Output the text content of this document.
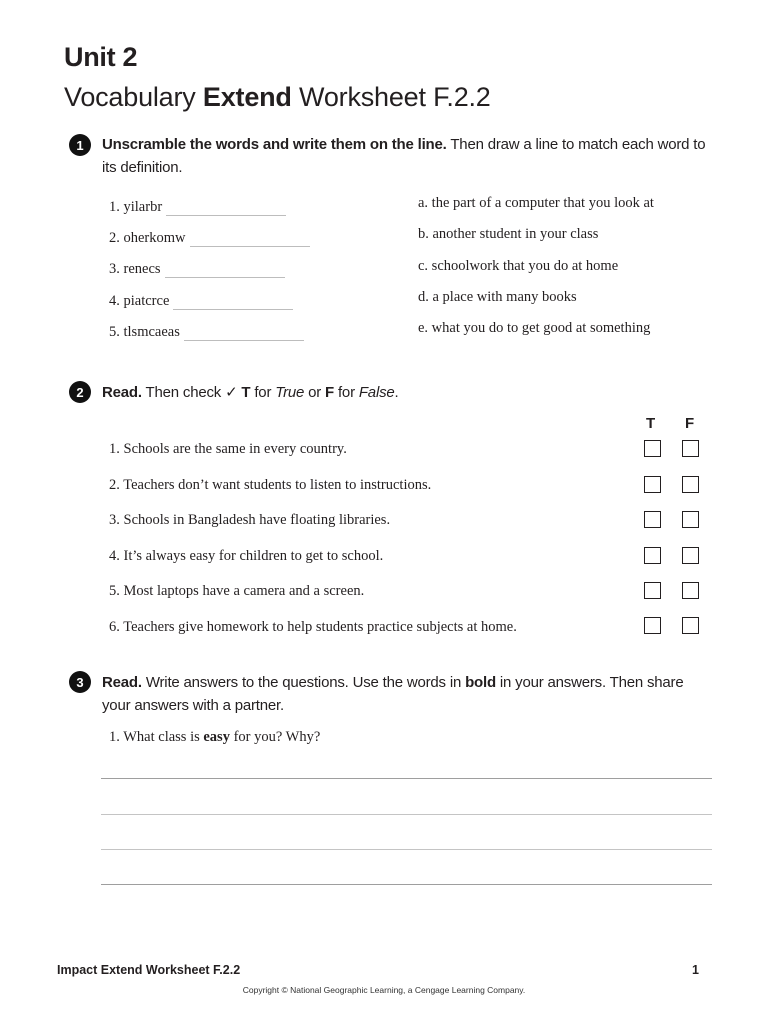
Unit 2
Vocabulary Extend Worksheet F.2.2
1	Unscramble the words and write them on the line. Then draw a line to match each word to its definition.
1. yilarbr
2. oherkomw
3. renecs
4. piatcrce
5. tlsmcaeas
a. the part of a computer that you look at
b. another student in your class
c. schoolwork that you do at home
d. a place with many books
e. what you do to get good at something
2	Read. Then check ✓ T for True or F for False.
T F
1. Schools are the same in every country.
2. Teachers don’t want students to listen to instructions.
3. Schools in Bangladesh have floating libraries.
4. It’s always easy for children to get to school.
5. Most laptops have a camera and a screen.
6. Teachers give homework to help students practice subjects at home.
3	Read. Write answers to the questions. Use the words in bold in your answers. Then share your answers with a partner.
1. What class is easy for you? Why?
Impact Extend Worksheet F.2.2	1
Copyright © National Geographic Learning, a Cengage Learning Company.
